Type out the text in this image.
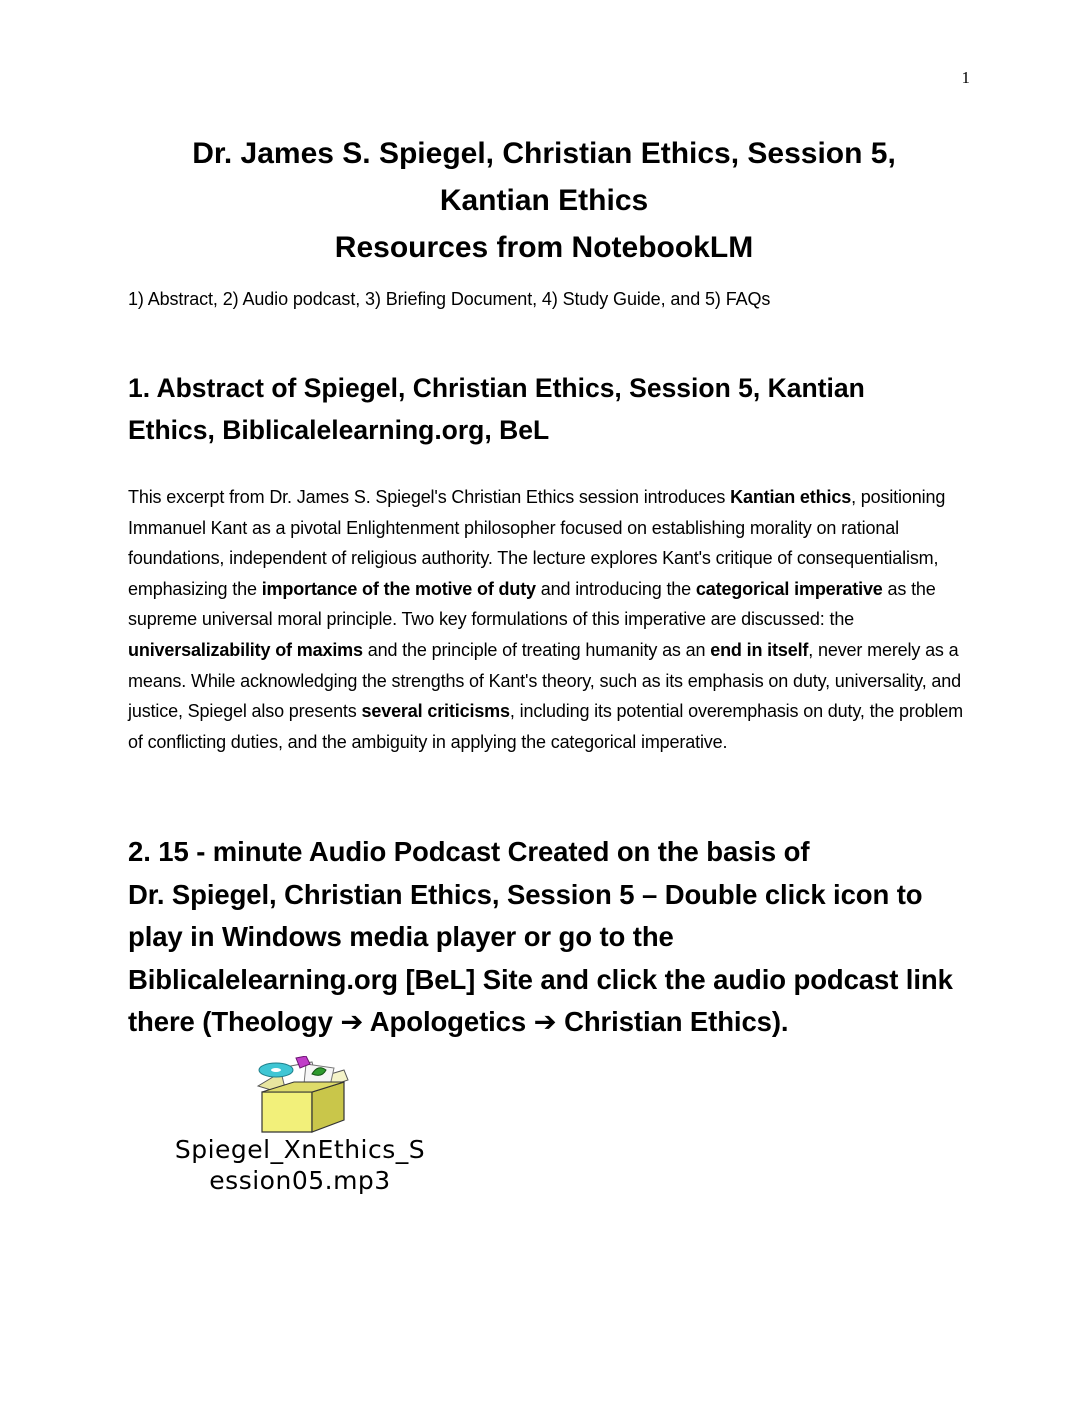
1
Dr. James S. Spiegel, Christian Ethics, Session 5,
Kantian Ethics
Resources from NotebookLM
1) Abstract, 2) Audio podcast, 3) Briefing Document, 4) Study Guide, and 5) FAQs
1. Abstract of Spiegel, Christian Ethics, Session 5, Kantian
Ethics, Biblicalelearning.org, BeL
This excerpt from Dr. James S. Spiegel's Christian Ethics session introduces Kantian ethics, positioning Immanuel Kant as a pivotal Enlightenment philosopher focused on establishing morality on rational foundations, independent of religious authority. The lecture explores Kant's critique of consequentialism, emphasizing the importance of the motive of duty and introducing the categorical imperative as the supreme universal moral principle. Two key formulations of this imperative are discussed: the universalizability of maxims and the principle of treating humanity as an end in itself, never merely as a means. While acknowledging the strengths of Kant's theory, such as its emphasis on duty, universality, and justice, Spiegel also presents several criticisms, including its potential overemphasis on duty, the problem of conflicting duties, and the ambiguity in applying the categorical imperative.
2. 15 - minute Audio Podcast Created on the basis of
Dr. Spiegel, Christian Ethics, Session 5 – Double click icon to
play in Windows media player or go to the
Biblicalelearning.org [BeL] Site and click the audio podcast link
there (Theology ➔ Apologetics ➔ Christian Ethics).
Spiegel_XnEthics_S
ession05.mp3
